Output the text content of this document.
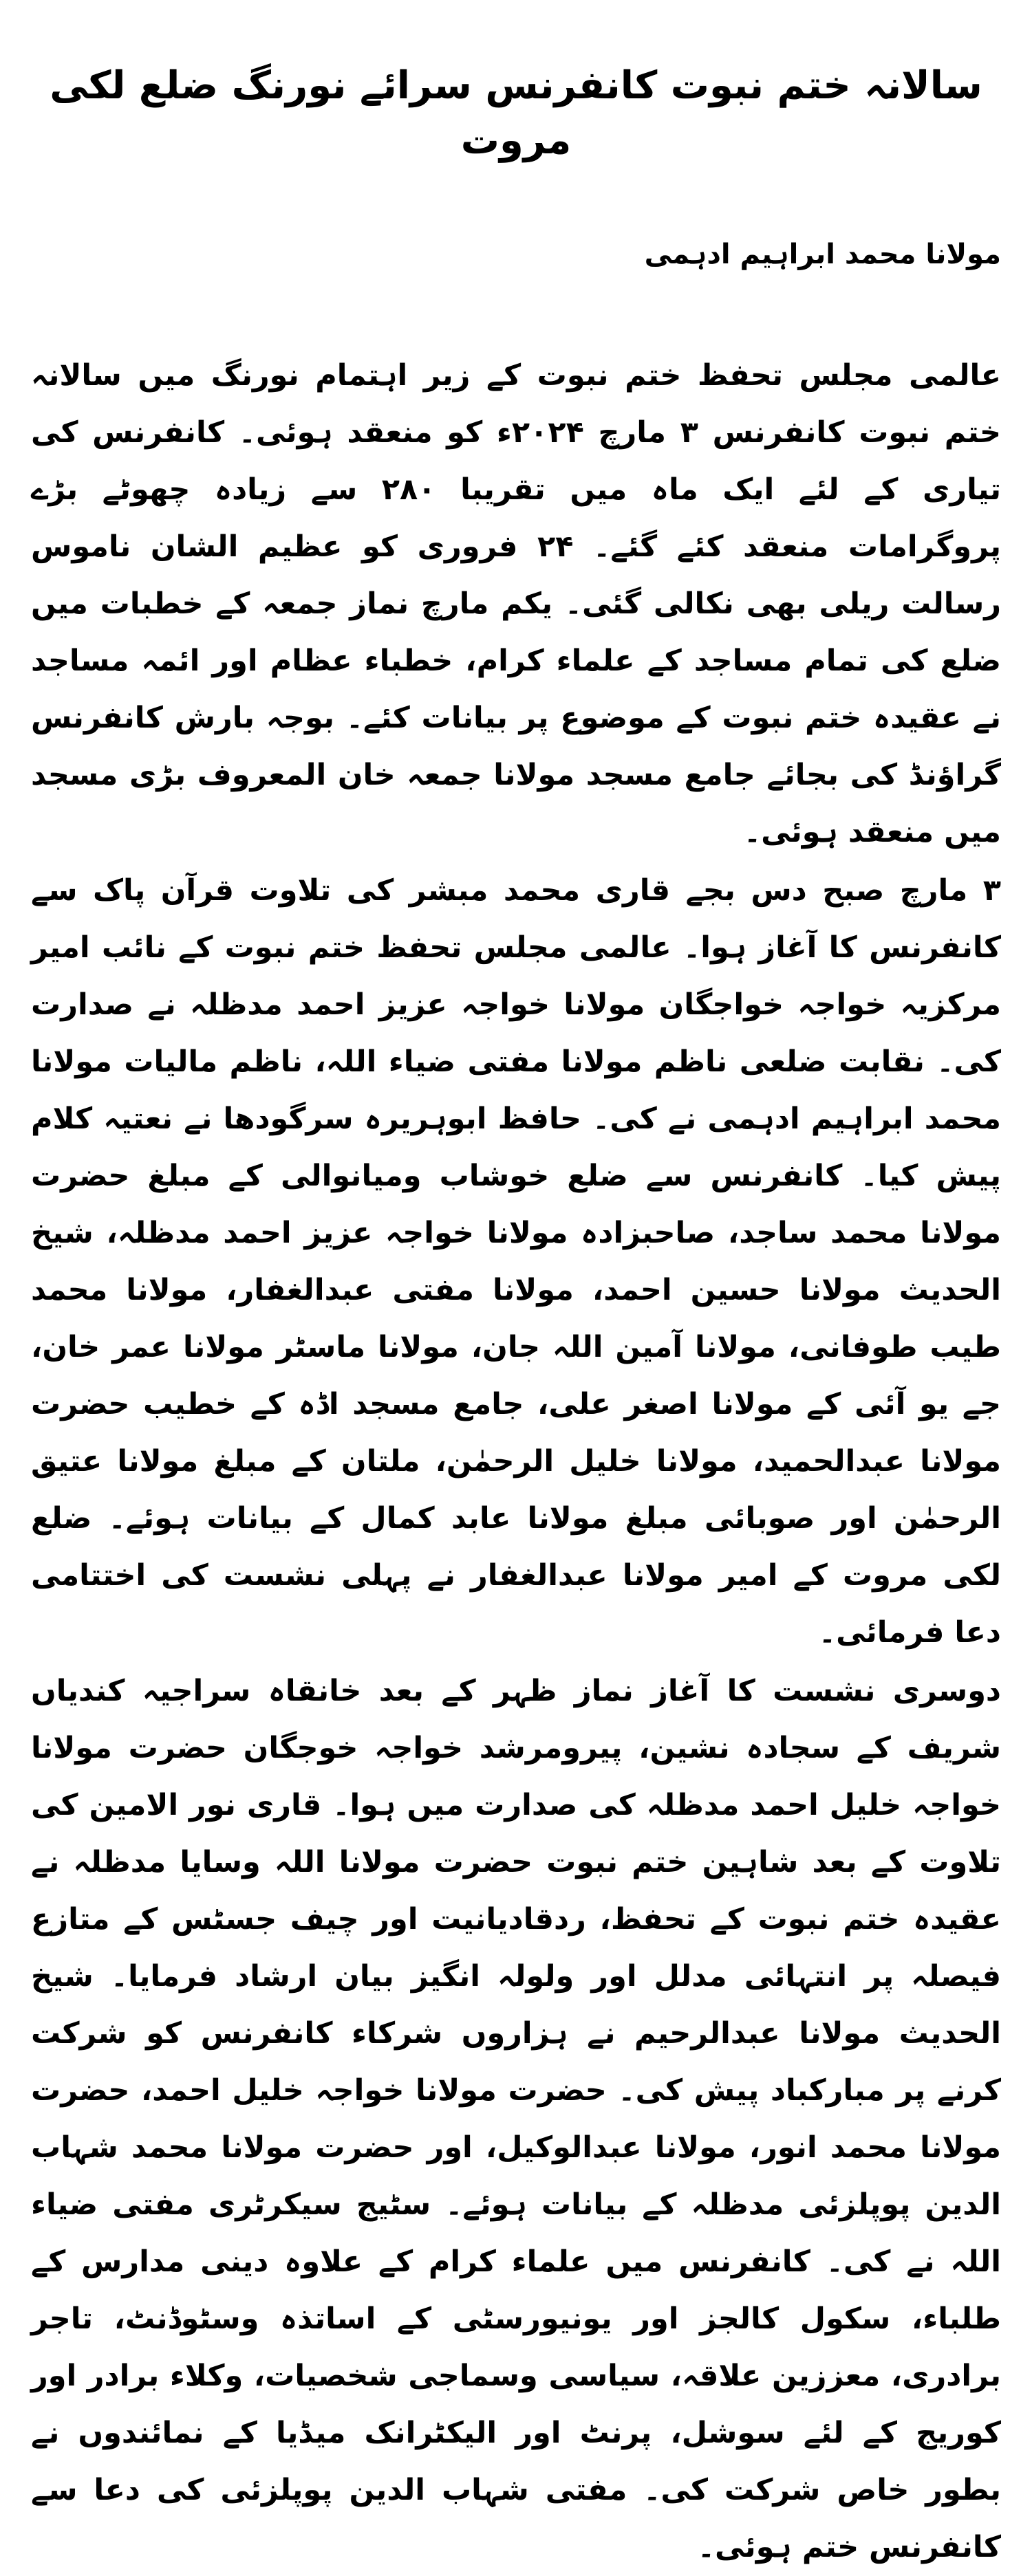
سالانہ ختم نبوت کانفرنس سرائے نورنگ ضلع لکی مروت

مولانا محمد ابراہیم ادہمی

عالمی مجلس تحفظ ختم نبوت کے زیر اہتمام نورنگ میں سالانہ ختم نبوت کانفرنس ۳ مارچ ۲۰۲۴ء کو منعقد ہوئی۔ کانفرنس کی تیاری کے لئے ایک ماہ میں تقریبا ۲۸۰ سے زیادہ چھوٹے بڑے پروگرامات منعقد کئے گئے۔ ۲۴ فروری کو عظیم الشان ناموس رسالت ریلی بھی نکالی گئی۔ یکم مارچ نماز جمعہ کے خطبات میں ضلع کی تمام مساجد کے علماء کرام، خطباء عظام اور ائمہ مساجد نے عقیدہ ختم نبوت کے موضوع پر بیانات کئے۔ بوجہ بارش کانفرنس گراؤنڈ کی بجائے جامع مسجد مولانا جمعہ خان المعروف بڑی مسجد میں منعقد ہوئی۔

۳ مارچ صبح دس بجے قاری محمد مبشر کی تلاوت قرآن پاک سے کانفرنس کا آغاز ہوا۔ عالمی مجلس تحفظ ختم نبوت کے نائب امیر مرکزیہ خواجہ خواجگان مولانا خواجہ عزیز احمد مدظلہ نے صدارت کی۔ نقابت ضلعی ناظم مولانا مفتی ضیاء اللہ، ناظم مالیات مولانا محمد ابراہیم ادہمی نے کی۔ حافظ ابوہریرہ سرگودھا نے نعتیہ کلام پیش کیا۔ کانفرنس سے ضلع خوشاب ومیانوالی کے مبلغ حضرت مولانا محمد ساجد، صاحبزادہ مولانا خواجہ عزیز احمد مدظلہ، شیخ الحدیث مولانا حسین احمد، مولانا مفتی عبدالغفار، مولانا محمد طیب طوفانی، مولانا آمین اللہ جان، مولانا ماسٹر مولانا عمر خان، جے یو آئی کے مولانا اصغر علی، جامع مسجد اڈہ کے خطیب حضرت مولانا عبدالحمید، مولانا خلیل الرحمٰن، ملتان کے مبلغ مولانا عتیق الرحمٰن اور صوبائی مبلغ مولانا عابد کمال کے بیانات ہوئے۔ ضلع لکی مروت کے امیر مولانا عبدالغفار نے پہلی نشست کی اختتامی دعا فرمائی۔

دوسری نشست کا آغاز نماز ظہر کے بعد خانقاہ سراجیہ کندیاں شریف کے سجادہ نشین، پیرومرشد خواجہ خوجگان حضرت مولانا خواجہ خلیل احمد مدظلہ کی صدارت میں ہوا۔ قاری نور الامین کی تلاوت کے بعد شاہین ختم نبوت حضرت مولانا اللہ وسایا مدظلہ نے عقیدہ ختم نبوت کے تحفظ، ردقادیانیت اور چیف جسٹس کے متازع فیصلہ پر انتہائی مدلل اور ولولہ انگیز بیان ارشاد فرمایا۔ شیخ الحدیث مولانا عبدالرحیم نے ہزاروں شرکاء کانفرنس کو شرکت کرنے پر مبارکباد پیش کی۔ حضرت مولانا خواجہ خلیل احمد، حضرت مولانا محمد انور، مولانا عبدالوکیل، اور حضرت مولانا محمد شہاب الدین پوپلزئی مدظلہ کے بیانات ہوئے۔ سٹیج سیکرٹری مفتی ضیاء اللہ نے کی۔ کانفرنس میں علماء کرام کے علاوہ دینی مدارس کے طلباء، سکول کالجز اور یونیورسٹی کے اساتذہ وسٹوڈنٹ، تاجر برادری، معززین علاقہ، سیاسی وسماجی شخصیات، وکلاء برادر اور کوریج کے لئے سوشل، پرنٹ اور الیکٹرانک میڈیا کے نمائندوں نے بطور خاص شرکت کی۔ مفتی شہاب الدین پوپلزئی کی دعا سے کانفرنس ختم ہوئی۔
